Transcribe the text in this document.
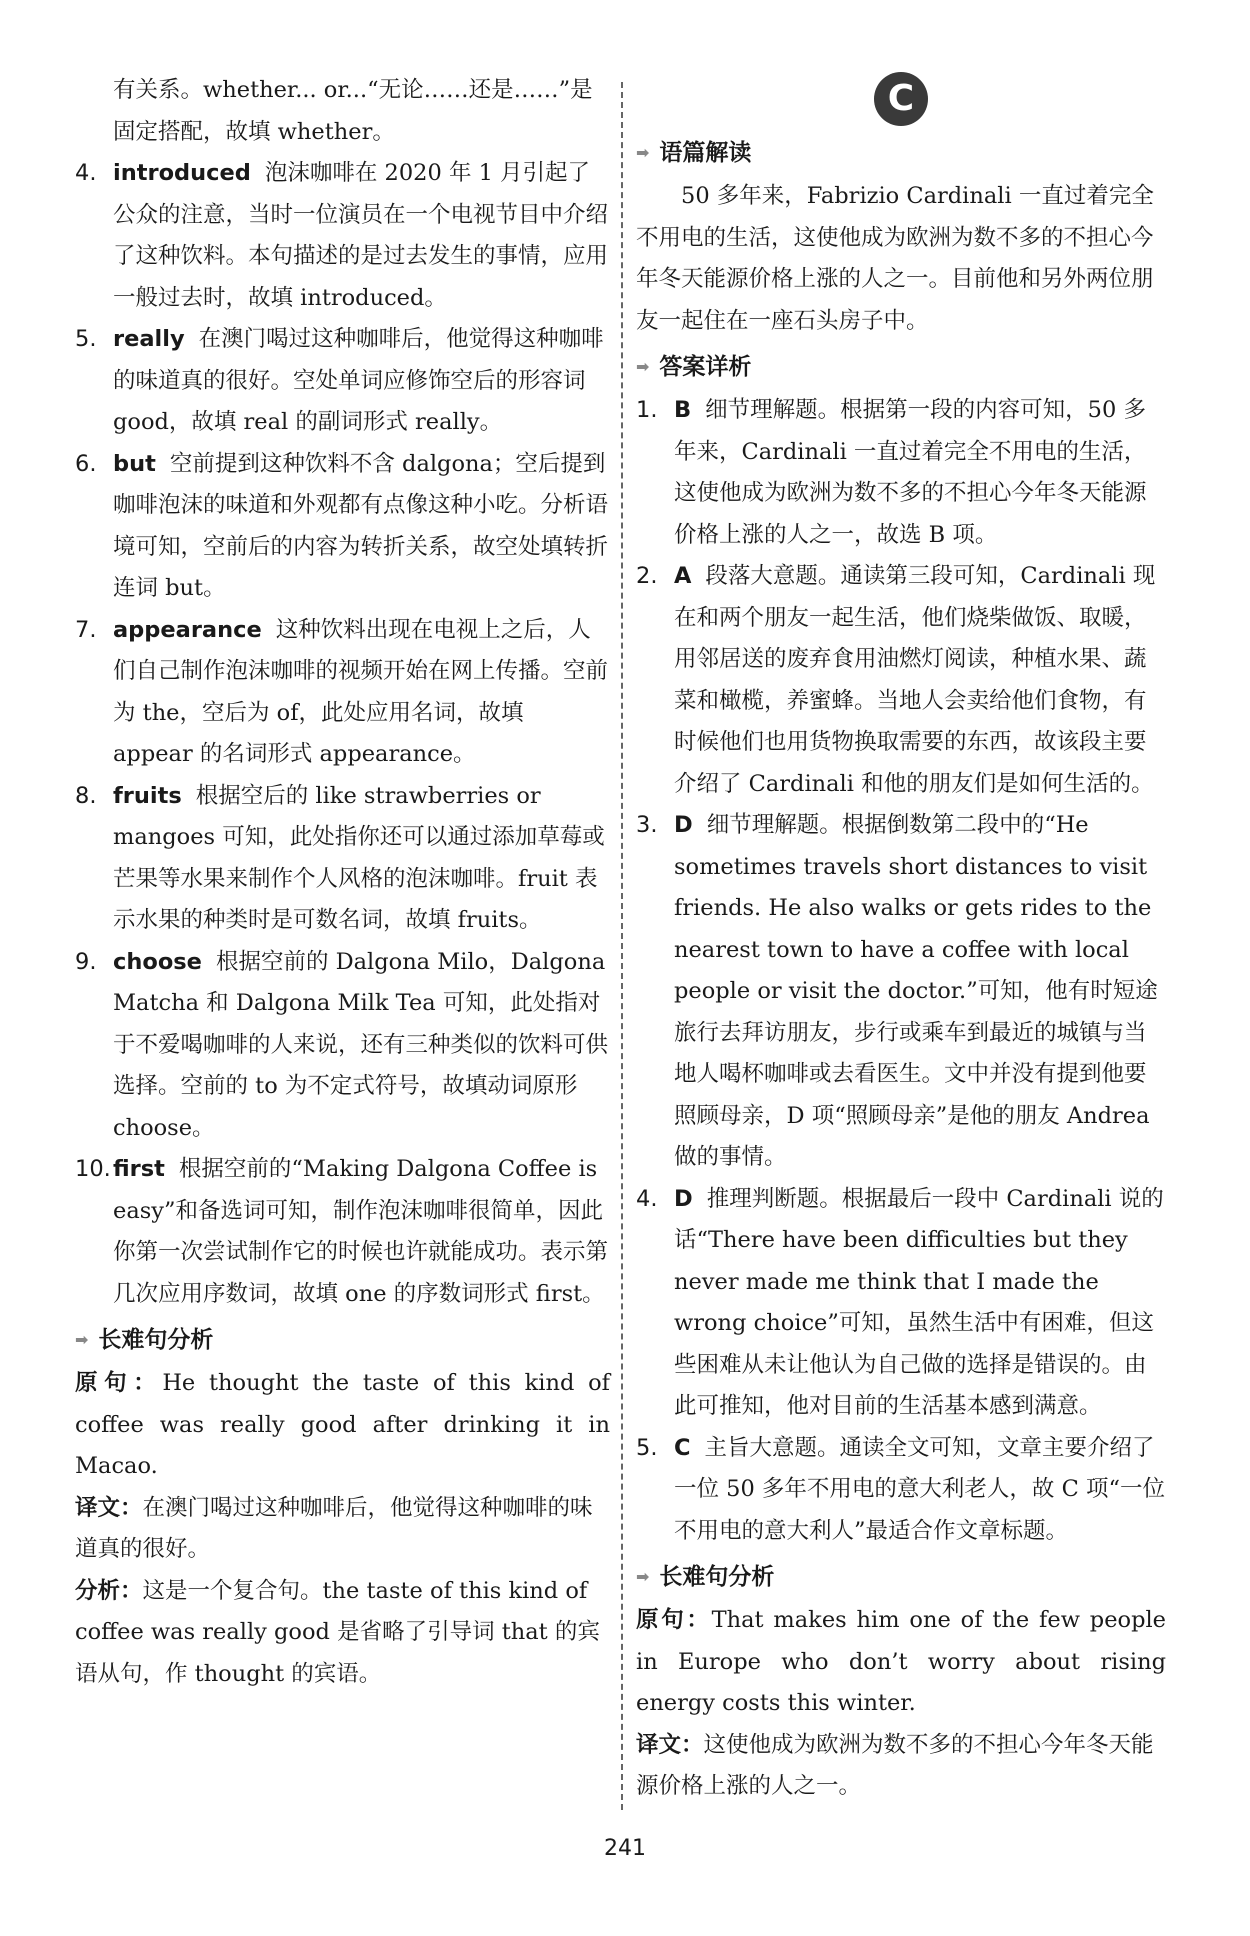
有关系。whether... or...“无论……还是……”是固定搭配，故填 whether。

4. introduced 泡沫咖啡在 2020 年 1 月引起了公众的注意，当时一位演员在一个电视节目中介绍了这种饮料。本句描述的是过去发生的事情，应用一般过去时，故填 introduced。

5. really 在澳门喝过这种咖啡后，他觉得这种咖啡的味道真的很好。空处单词应修饰空后的形容词 good，故填 real 的副词形式 really。

6. but 空前提到这种饮料不含 dalgona；空后提到咖啡泡沫的味道和外观都有点像这种小吃。分析语境可知，空前后的内容为转折关系，故空处填转折连词 but。

7. appearance 这种饮料出现在电视上之后，人们自己制作泡沫咖啡的视频开始在网上传播。空前为 the，空后为 of，此处应用名词，故填 appear 的名词形式 appearance。

8. fruits 根据空后的 like strawberries or mangoes 可知，此处指你还可以通过添加草莓或芒果等水果来制作个人风格的泡沫咖啡。fruit 表示水果的种类时是可数名词，故填 fruits。

9. choose 根据空前的 Dalgona Milo，Dalgona Matcha 和 Dalgona Milk Tea 可知，此处指对于不爱喝咖啡的人来说，还有三种类似的饮料可供选择。空前的 to 为不定式符号，故填动词原形 choose。

10. first 根据空前的“Making Dalgona Coffee is easy”和备选词可知，制作泡沫咖啡很简单，因此你第一次尝试制作它的时候也许就能成功。表示第几次应用序数词，故填 one 的序数词形式 first。

➡ 长难句分析

原句：He thought the taste of this kind of coffee was really good after drinking it in Macao.

译文：在澳门喝过这种咖啡后，他觉得这种咖啡的味道真的很好。

分析：这是一个复合句。the taste of this kind of coffee was really good 是省略了引导词 that 的宾语从句，作 thought 的宾语。

C
➡ 语篇解读

50 多年来，Fabrizio Cardinali 一直过着完全不用电的生活，这使他成为欧洲为数不多的不担心今年冬天能源价格上涨的人之一。目前他和另外两位朋友一起住在一座石头房子中。

➡ 答案详析

1. B 细节理解题。根据第一段的内容可知，50 多年来，Cardinali 一直过着完全不用电的生活，这使他成为欧洲为数不多的不担心今年冬天能源价格上涨的人之一，故选 B 项。

2. A 段落大意题。通读第三段可知，Cardinali 现在和两个朋友一起生活，他们烧柴做饭、取暖，用邻居送的废弃食用油燃灯阅读，种植水果、蔬菜和橄榄，养蜜蜂。当地人会卖给他们食物，有时候他们也用货物换取需要的东西，故该段主要介绍了 Cardinali 和他的朋友们是如何生活的。

3. D 细节理解题。根据倒数第二段中的“He sometimes travels short distances to visit friends. He also walks or gets rides to the nearest town to have a coffee with local people or visit the doctor.”可知，他有时短途旅行去拜访朋友，步行或乘车到最近的城镇与当地人喝杯咖啡或去看医生。文中并没有提到他要照顾母亲，D 项“照顾母亲”是他的朋友 Andrea 做的事情。

4. D 推理判断题。根据最后一段中 Cardinali 说的话“There have been difficulties but they never made me think that I made the wrong choice”可知，虽然生活中有困难，但这些困难从未让他认为自己做的选择是错误的。由此可推知，他对目前的生活基本感到满意。

5. C 主旨大意题。通读全文可知，文章主要介绍了一位 50 多年不用电的意大利老人，故 C 项“一位不用电的意大利人”最适合作文章标题。

➡ 长难句分析

原句：That makes him one of the few people in Europe who don’t worry about rising energy costs this winter.

译文：这使他成为欧洲为数不多的不担心今年冬天能源价格上涨的人之一。

241
